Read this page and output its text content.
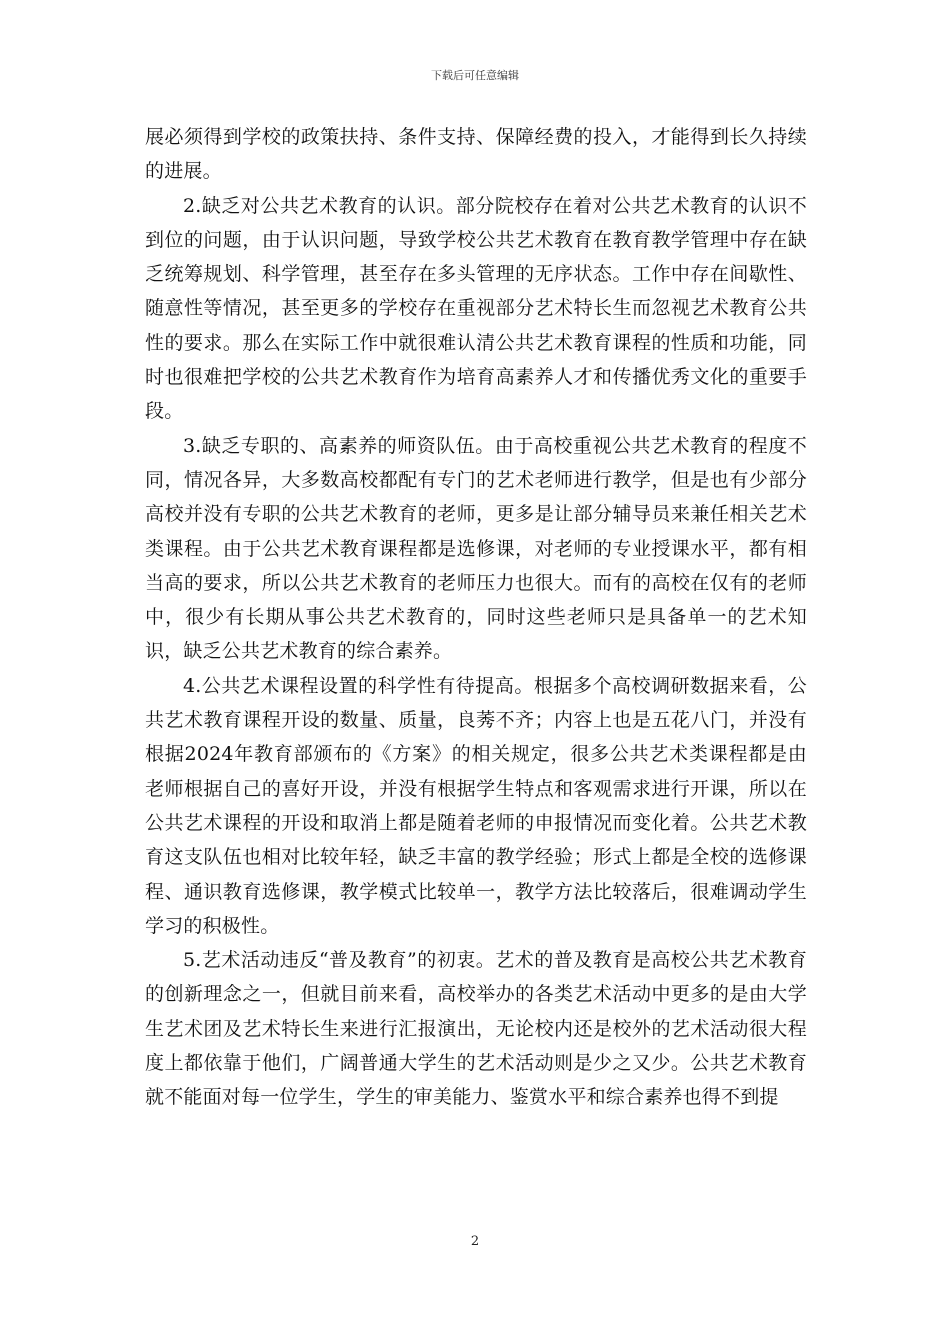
下载后可任意编辑

展必须得到学校的政策扶持、条件支持、保障经费的投入，才能得到长久持续的进展。

2.缺乏对公共艺术教育的认识。部分院校存在着对公共艺术教育的认识不到位的问题，由于认识问题，导致学校公共艺术教育在教育教学管理中存在缺乏统筹规划、科学管理，甚至存在多头管理的无序状态。工作中存在间歇性、随意性等情况，甚至更多的学校存在重视部分艺术特长生而忽视艺术教育公共性的要求。那么在实际工作中就很难认清公共艺术教育课程的性质和功能，同时也很难把学校的公共艺术教育作为培育高素养人才和传播优秀文化的重要手段。

3.缺乏专职的、高素养的师资队伍。由于高校重视公共艺术教育的程度不同，情况各异，大多数高校都配有专门的艺术老师进行教学，但是也有少部分高校并没有专职的公共艺术教育的老师，更多是让部分辅导员来兼任相关艺术类课程。由于公共艺术教育课程都是选修课，对老师的专业授课水平，都有相当高的要求，所以公共艺术教育的老师压力也很大。而有的高校在仅有的老师中，很少有长期从事公共艺术教育的，同时这些老师只是具备单一的艺术知识，缺乏公共艺术教育的综合素养。

4.公共艺术课程设置的科学性有待提高。根据多个高校调研数据来看，公共艺术教育课程开设的数量、质量，良莠不齐；内容上也是五花八门，并没有根据2024年教育部颁布的《方案》的相关规定，很多公共艺术类课程都是由老师根据自己的喜好开设，并没有根据学生特点和客观需求进行开课，所以在公共艺术课程的开设和取消上都是随着老师的申报情况而变化着。公共艺术教育这支队伍也相对比较年轻，缺乏丰富的教学经验；形式上都是全校的选修课程、通识教育选修课，教学模式比较单一，教学方法比较落后，很难调动学生学习的积极性。

5.艺术活动违反“普及教育”的初衷。艺术的普及教育是高校公共艺术教育的创新理念之一，但就目前来看，高校举办的各类艺术活动中更多的是由大学生艺术团及艺术特长生来进行汇报演出，无论校内还是校外的艺术活动很大程度上都依靠于他们，广阔普通大学生的艺术活动则是少之又少。公共艺术教育就不能面对每一位学生，学生的审美能力、鉴赏水平和综合素养也得不到提

2
